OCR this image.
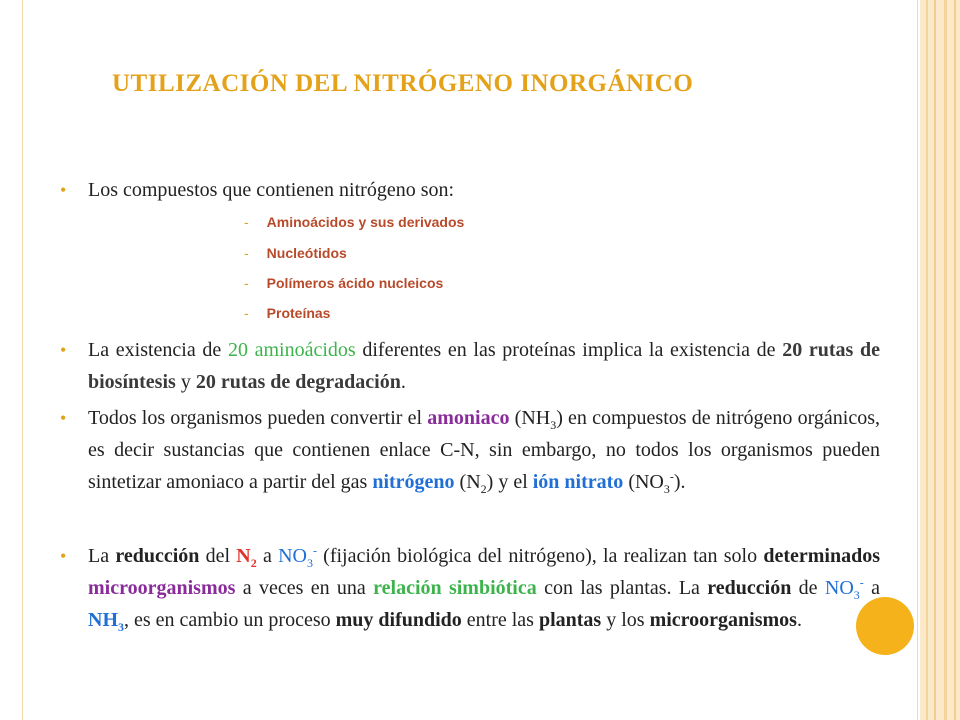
UTILIZACIÓN DEL NITRÓGENO INORGÁNICO
• Los compuestos que contienen nitrógeno son:
- Aminoácidos y sus derivados
- Nucleótidos
- Polímeros ácido nucleicos
- Proteínas
• La existencia de 20 aminoácidos diferentes en las proteínas implica la existencia de 20 rutas de biosíntesis y 20 rutas de degradación.
• Todos los organismos pueden convertir el amoniaco $(NH_3)$ en compuestos de nitrógeno orgánicos, es decir sustancias que contienen enlace C-N, sin embargo, no todos los organismos pueden sintetizar amoniaco a partir del gas nitrógeno $(N_2)$ y el ión nitrato $(NO_3^-)$.
• La reducción del $N_2$ a $NO_3^-$ (fijación biológica del nitrógeno), la realizan tan solo determinados microorganismos a veces en una relación simbiótica con las plantas. La reducción de $NO_3^-$ a $NH_3$, es en cambio un proceso muy difundido entre las plantas y los microorganismos.
